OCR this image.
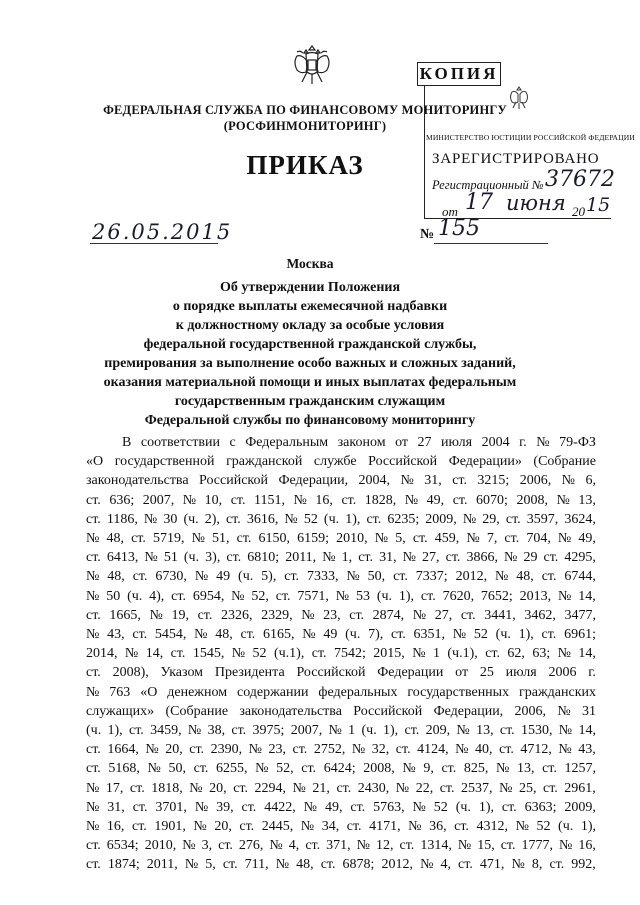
ФЕДЕРАЛЬНАЯ СЛУЖБА ПО ФИНАНСОВОМУ МОНИТОРИНГУ
(РОСФИНМОНИТОРИНГ)
ПРИКАЗ
КОПИЯ
МИНИСТЕРСТВО ЮСТИЦИИ РОССИЙСКОЙ ФЕДЕРАЦИИ
ЗАРЕГИСТРИРОВАНО
Регистрационный № 37672
от 17 июня 20 15
26.05.2015	№ 155
Москва
Об утверждении Положения
о порядке выплаты ежемесячной надбавки
к должностному окладу за особые условия
федеральной государственной гражданской службы,
премирования за выполнение особо важных и сложных заданий,
оказания материальной помощи и иных выплатах федеральным
государственным гражданским служащим
Федеральной службы по финансовому мониторингу
В соответствии с Федеральным законом от 27 июля 2004 г. № 79-ФЗ
«О государственной гражданской службе Российской Федерации» (Собрание
законодательства Российской Федерации, 2004, № 31, ст. 3215; 2006, № 6,
ст. 636; 2007, № 10, ст. 1151, № 16, ст. 1828, № 49, ст. 6070; 2008, № 13,
ст. 1186, № 30 (ч. 2), ст. 3616, № 52 (ч. 1), ст. 6235; 2009, № 29, ст. 3597, 3624,
№ 48, ст. 5719, № 51, ст. 6150, 6159; 2010, № 5, ст. 459, № 7, ст. 704, № 49,
ст. 6413, № 51 (ч. 3), ст. 6810; 2011, № 1, ст. 31, № 27, ст. 3866, № 29 ст. 4295,
№ 48, ст. 6730, № 49 (ч. 5), ст. 7333, № 50, ст. 7337; 2012, № 48, ст. 6744,
№ 50 (ч. 4), ст. 6954, № 52, ст. 7571, № 53 (ч. 1), ст. 7620, 7652; 2013, № 14,
ст. 1665, № 19, ст. 2326, 2329, № 23, ст. 2874, № 27, ст. 3441, 3462, 3477,
№ 43, ст. 5454, № 48, ст. 6165, № 49 (ч. 7), ст. 6351, № 52 (ч. 1), ст. 6961;
2014, № 14, ст. 1545, № 52 (ч.1), ст. 7542; 2015, № 1 (ч.1), ст. 62, 63; № 14,
ст. 2008), Указом Президента Российской Федерации от 25 июля 2006 г.
№ 763 «О денежном содержании федеральных государственных гражданских
служащих» (Собрание законодательства Российской Федерации, 2006, № 31
(ч. 1), ст. 3459, № 38, ст. 3975; 2007, № 1 (ч. 1), ст. 209, № 13, ст. 1530, № 14,
ст. 1664, № 20, ст. 2390, № 23, ст. 2752, № 32, ст. 4124, № 40, ст. 4712, № 43,
ст. 5168, № 50, ст. 6255, № 52, ст. 6424; 2008, № 9, ст. 825, № 13, ст. 1257,
№ 17, ст. 1818, № 20, ст. 2294, № 21, ст. 2430, № 22, ст. 2537, № 25, ст. 2961,
№ 31, ст. 3701, № 39, ст. 4422, № 49, ст. 5763, № 52 (ч. 1), ст. 6363; 2009,
№ 16, ст. 1901, № 20, ст. 2445, № 34, ст. 4171, № 36, ст. 4312, № 52 (ч. 1),
ст. 6534; 2010, № 3, ст. 276, № 4, ст. 371, № 12, ст. 1314, № 15, ст. 1777, № 16,
ст. 1874; 2011, № 5, ст. 711, № 48, ст. 6878; 2012, № 4, ст. 471, № 8, ст. 992,
